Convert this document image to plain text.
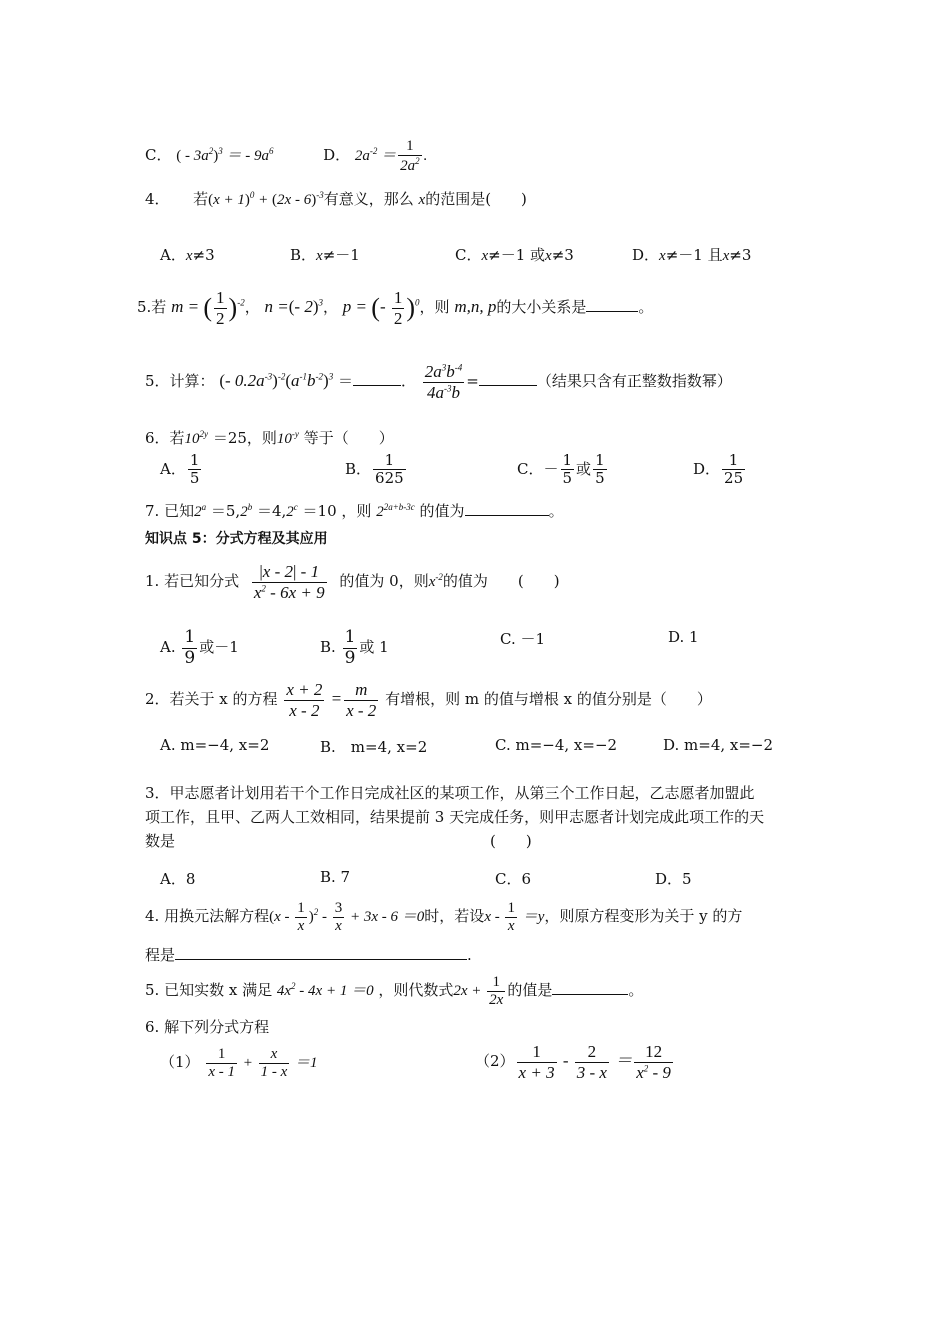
C． ( - $3a^2)^3$ ＝ - $9a^6$	D． $2a^{-2} = \frac{1}{2a^2}$ .
4． 若$(x + 1)^0 + (2x - 6)^{-3}$有意义，那么 x的范围是(　　)
A．x≠3	B．x≠－1	C．x≠－1 或x≠3	D．x≠－1 且x≠3
5.若 m = ( $\frac{1}{2} )^{-2}$， n =(- 2)$^3$， p = (- $\frac{1}{2} )^0$，则 m,n, p的大小关系是	。
5．计算： (- $0.2a^{-3})^{-2}(a^{-1}b^{-2})^3$ ＝	． $\frac{2a^3b^{-4}}{4a^{-3}b}$ =	（结果只含有正整数指数幂）
6．若$10^{2y} =25$，则$10^{-y}$ 等于（　　）
A． $\frac{1}{5}$	B． $\frac{1}{625}$	C．－ $\frac{1}{5}$ 或 $\frac{1}{5}$	D． $\frac{1}{25}$
7. 已知$2^a =5,2^b =4,2^c =10$ ，则 $2^{2a+b-3c}$ 的值为	。
知识点 5：分式方程及其应用
1. 若已知分式 $\frac{|x - 2| - 1}{x^2 - 6x + 9}$ 的值为 0，则$x^{-2}$的值为　　(　　)
A. $\frac{1}{9}$ 或－1	B. $\frac{1}{9}$ 或 1	C. －1	D. 1
2．若关于 x 的方程 $\frac{x + 2}{x - 2} = \frac{m}{x - 2}$ 有增根，则 m 的值与增根 x 的值分别是（　　）
A. m=−4, x=2	B.　m=4, x=2	C. m=−4, x=−2	D. m=4, x=−2
3．甲志愿者计划用若干个工作日完成社区的某项工作，从第三个工作日起，乙志愿者加盟此
项工作，且甲、乙两人工效相同，结果提前 3 天完成任务，则甲志愿者计划完成此项工作的天
数是	(　　)
A．8	B. 7	C．6	D．5
4. 用换元法解方程$(x - \frac{1}{x} )^2 - \frac{3}{x} + 3x - 6 =0$时，若设$x - \frac{1}{x} =y$，则原方程变形为关于 y 的方
程是	.
5. 已知实数 x 满足 $4x^2 - 4x + 1 =0$ ，则代数式$2x + \frac{1}{2x}$ 的值是	。
6. 解下列分式方程
$(1) \frac{1}{x - 1} + \frac{x}{1 - x} =1$	$(2) \frac{1}{x + 3} - \frac{2}{3 - x} = \frac{12}{x^2 - 9}$
